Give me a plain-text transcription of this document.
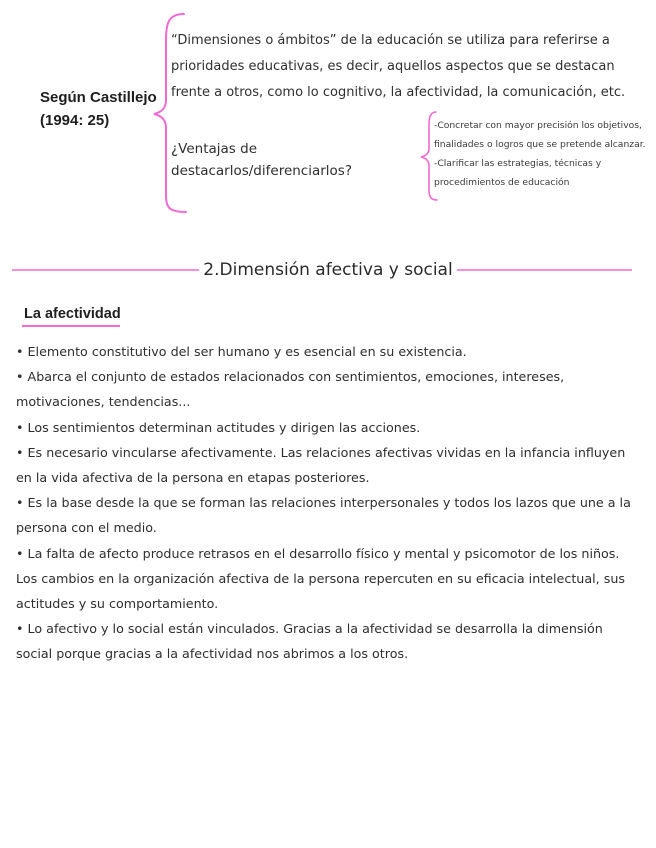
Según Castillejo
(1994: 25)
“Dimensiones o ámbitos” de la educación se utiliza para referirse a prioridades educativas, es decir, aquellos aspectos que se destacan frente a otros, como lo cognitivo, la afectividad, la comunicación, etc.
¿Ventajas de destacarlos/diferenciarlos?
-Concretar con mayor precisión los objetivos, finalidades o logros que se pretende alcanzar.
-Clarificar las estrategias, técnicas y procedimientos de educación
2.Dimensión afectiva y social
La afectividad
• Elemento constitutivo del ser humano y es esencial en su existencia.
• Abarca el conjunto de estados relacionados con sentimientos, emociones, intereses, motivaciones, tendencias...
• Los sentimientos determinan actitudes y dirigen las acciones.
• Es necesario vincularse afectivamente. Las relaciones afectivas vividas en la infancia influyen en la vida afectiva de la persona en etapas posteriores.
• Es la base desde la que se forman las relaciones interpersonales y todos los lazos que une a la persona con el medio.
• La falta de afecto produce retrasos en el desarrollo físico y mental y psicomotor de los niños. Los cambios en la organización afectiva de la persona repercuten en su eficacia intelectual, sus actitudes y su comportamiento.
• Lo afectivo y lo social están vinculados. Gracias a la afectividad se desarrolla la dimensión social porque gracias a la afectividad nos abrimos a los otros.
